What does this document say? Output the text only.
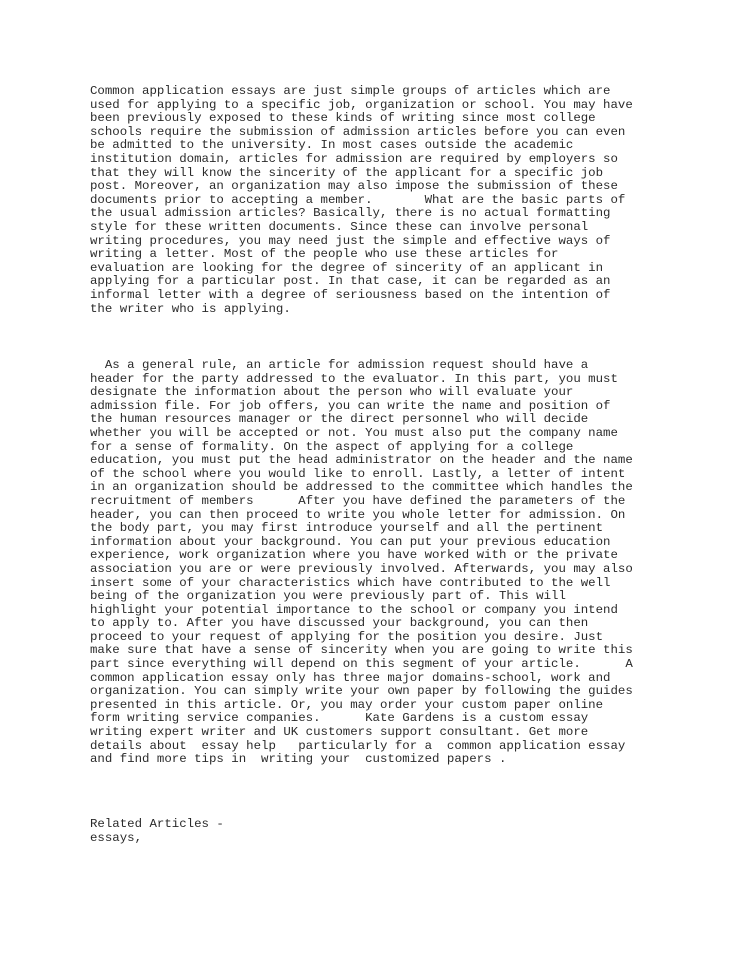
Common application essays are just simple groups of articles which are
used for applying to a specific job, organization or school. You may have
been previously exposed to these kinds of writing since most college
schools require the submission of admission articles before you can even
be admitted to the university. In most cases outside the academic
institution domain, articles for admission are required by employers so
that they will know the sincerity of the applicant for a specific job
post. Moreover, an organization may also impose the submission of these
documents prior to accepting a member.       What are the basic parts of
the usual admission articles? Basically, there is no actual formatting
style for these written documents. Since these can involve personal
writing procedures, you may need just the simple and effective ways of
writing a letter. Most of the people who use these articles for
evaluation are looking for the degree of sincerity of an applicant in
applying for a particular post. In that case, it can be regarded as an
informal letter with a degree of seriousness based on the intention of
the writer who is applying.

As a general rule, an article for admission request should have a
header for the party addressed to the evaluator. In this part, you must
designate the information about the person who will evaluate your
admission file. For job offers, you can write the name and position of
the human resources manager or the direct personnel who will decide
whether you will be accepted or not. You must also put the company name
for a sense of formality. On the aspect of applying for a college
education, you must put the head administrator on the header and the name
of the school where you would like to enroll. Lastly, a letter of intent
in an organization should be addressed to the committee which handles the
recruitment of members      After you have defined the parameters of the
header, you can then proceed to write you whole letter for admission. On
the body part, you may first introduce yourself and all the pertinent
information about your background. You can put your previous education
experience, work organization where you have worked with or the private
association you are or were previously involved. Afterwards, you may also
insert some of your characteristics which have contributed to the well
being of the organization you were previously part of. This will
highlight your potential importance to the school or company you intend
to apply to. After you have discussed your background, you can then
proceed to your request of applying for the position you desire. Just
make sure that have a sense of sincerity when you are going to write this
part since everything will depend on this segment of your article.      A
common application essay only has three major domains-school, work and
organization. You can simply write your own paper by following the guides
presented in this article. Or, you may order your custom paper online
form writing service companies.      Kate Gardens is a custom essay
writing expert writer and UK customers support consultant. Get more
details about  essay help   particularly for a  common application essay
and find more tips in  writing your  customized papers .

Related Articles -
essays,
